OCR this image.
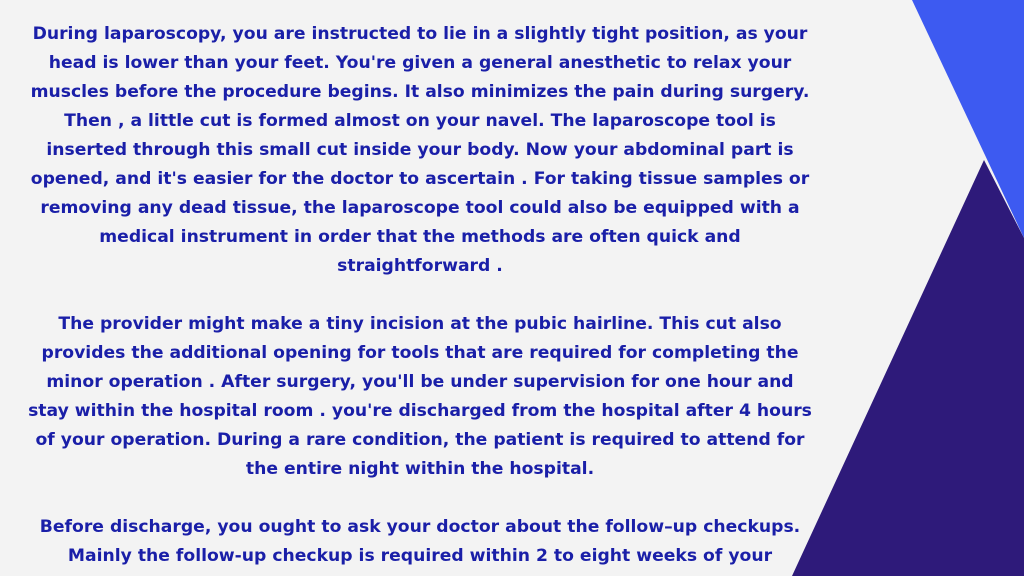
During laparoscopy, you are instructed to lie in a slightly tight position, as your head is lower than your feet. You're given a general anesthetic to relax your muscles before the procedure begins. It also minimizes the pain during surgery. Then , a little cut is formed almost on your navel. The laparoscope tool is inserted through this small cut inside your body. Now your abdominal part is opened, and it's easier for the doctor to ascertain . For taking tissue samples or removing any dead tissue, the laparoscope tool could also be equipped with a medical instrument in order that the methods are often quick and straightforward .

The provider might make a tiny incision at the pubic hairline. This cut also provides the additional opening for tools that are required for completing the minor operation . After surgery, you'll be under supervision for one hour and stay within the hospital room . you're discharged from the hospital after 4 hours of your operation. During a rare condition, the patient is required to attend for the entire night within the hospital.

Before discharge, you ought to ask your doctor about the follow–up checkups. Mainly the follow-up checkup is required within 2 to eight weeks of your
